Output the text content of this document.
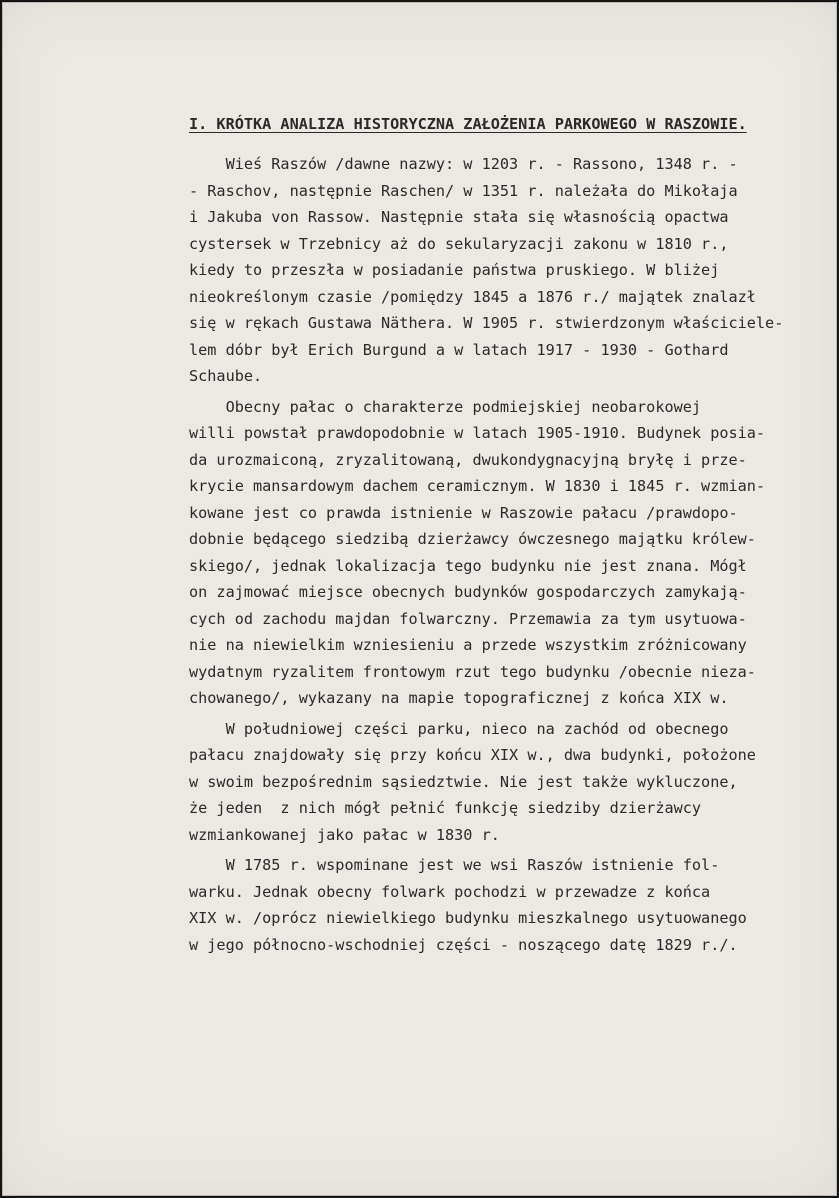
I. KRÓTKA ANALIZA HISTORYCZNA ZAŁOŻENIA PARKOWEGO W RASZOWIE.
Wieś Raszów /dawne nazwy: w 1203 r. - Rassono, 1348 r. -
- Raschov, następnie Raschen/ w 1351 r. należała do Mikołaja
i Jakuba von Rassow. Następnie stała się własnością opactwa
cystersek w Trzebnicy aż do sekularyzacji zakonu w 1810 r.,
kiedy to przeszła w posiadanie państwa pruskiego. W bliżej
nieokreślonym czasie /pomiędzy 1845 a 1876 r./ majątek znalazł
się w rękach Gustawa Näthera. W 1905 r. stwierdzonym właściciele-
lem dóbr był Erich Burgund a w latach 1917 - 1930 - Gothard
Schaube.
Obecny pałac o charakterze podmiejskiej neobarokowej
willi powstał prawdopodobnie w latach 1905-1910. Budynek posia-
da urozmaiconą, zryzalitowaną, dwukondygnacyjną bryłę i prze-
krycie mansardowym dachem ceramicznym. W 1830 i 1845 r. wzmian-
kowane jest co prawda istnienie w Raszowie pałacu /prawdopo-
dobnie będącego siedzibą dzierżawcy ówczesnego majątku królew-
skiego/, jednak lokalizacja tego budynku nie jest znana. Mógł
on zajmować miejsce obecnych budynków gospodarczych zamykają-
cych od zachodu majdan folwarczny. Przemawia za tym usytuowa-
nie na niewielkim wzniesieniu a przede wszystkim zróżnicowany
wydatnym ryzalitem frontowym rzut tego budynku /obecnie nieza-
chowanego/, wykazany na mapie topograficznej z końca XIX w.
W południowej części parku, nieco na zachód od obecnego
pałacu znajdowały się przy końcu XIX w., dwa budynki, położone
w swoim bezpośrednim sąsiedztwie. Nie jest także wykluczone,
że jeden  z nich mógł pełnić funkcję siedziby dzierżawcy
wzmiankowanej jako pałac w 1830 r.
W 1785 r. wspominane jest we wsi Raszów istnienie fol-
warku. Jednak obecny folwark pochodzi w przewadze z końca
XIX w. /oprócz niewielkiego budynku mieszkalnego usytuowanego
w jego północno-wschodniej części - noszącego datę 1829 r./.
